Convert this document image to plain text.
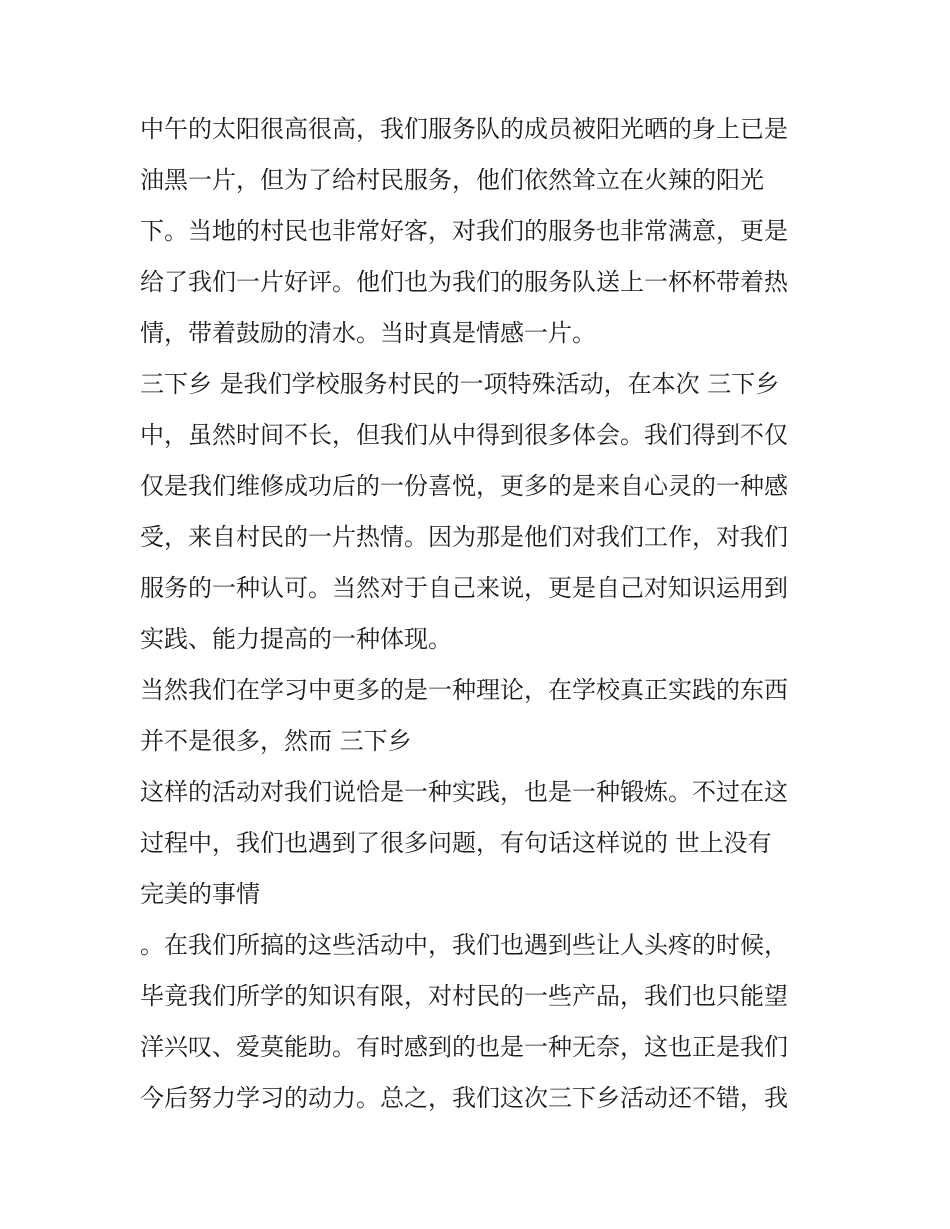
中午的太阳很高很高，我们服务队的成员被阳光晒的身上已是
油黑一片，但为了给村民服务，他们依然耸立在火辣的阳光
下。当地的村民也非常好客，对我们的服务也非常满意，更是
给了我们一片好评。他们也为我们的服务队送上一杯杯带着热
情，带着鼓励的清水。当时真是情感一片。
三下乡 是我们学校服务村民的一项特殊活动，在本次 三下乡
中，虽然时间不长，但我们从中得到很多体会。我们得到不仅
仅是我们维修成功后的一份喜悦，更多的是来自心灵的一种感
受，来自村民的一片热情。因为那是他们对我们工作，对我们
服务的一种认可。当然对于自己来说，更是自己对知识运用到
实践、能力提高的一种体现。
当然我们在学习中更多的是一种理论，在学校真正实践的东西
并不是很多，然而 三下乡
这样的活动对我们说恰是一种实践，也是一种锻炼。不过在这
过程中，我们也遇到了很多问题，有句话这样说的 世上没有
完美的事情
。在我们所搞的这些活动中，我们也遇到些让人头疼的时候，
毕竟我们所学的知识有限，对村民的一些产品，我们也只能望
洋兴叹、爱莫能助。有时感到的也是一种无奈，这也正是我们
今后努力学习的动力。总之，我们这次三下乡活动还不错，我
